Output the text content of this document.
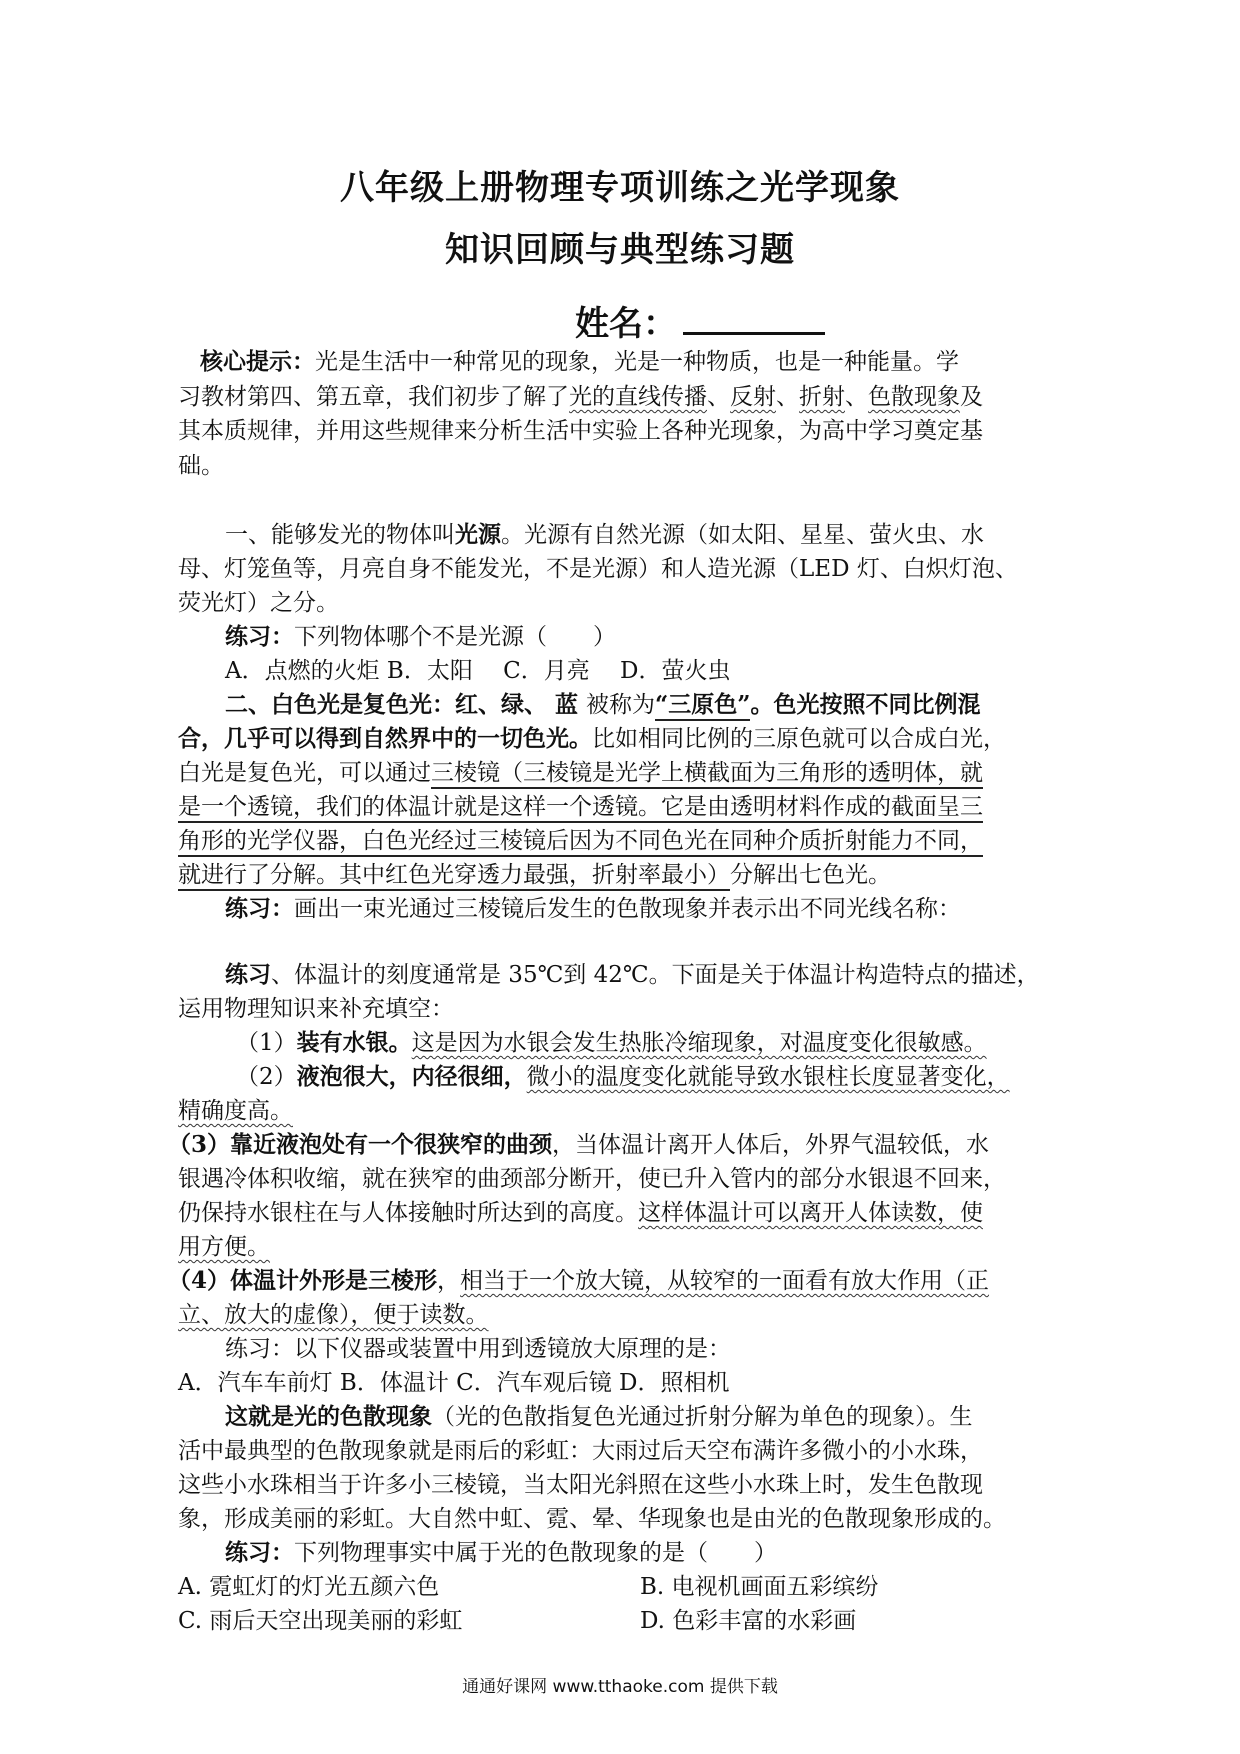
八年级上册物理专项训练之光学现象
知识回顾与典型练习题
姓名：
核心提示：光是生活中一种常见的现象，光是一种物质，也是一种能量。学
习教材第四、第五章，我们初步了解了光的直线传播、反射、折射、色散现象及
其本质规律，并用这些规律来分析生活中实验上各种光现象，为高中学习奠定基
础。
一、能够发光的物体叫光源。光源有自然光源（如太阳、星星、萤火虫、水
母、灯笼鱼等，月亮自身不能发光，不是光源）和人造光源（LED 灯、白炽灯泡、
荧光灯）之分。
练习：下列物体哪个不是光源（　　）
A．点燃的火炬 B．太阳　 C．月亮　 D．萤火虫
二、白色光是复色光：红、绿、 蓝 被称为“三原色”。色光按照不同比例混
合，几乎可以得到自然界中的一切色光。比如相同比例的三原色就可以合成白光，
白光是复色光，可以通过三棱镜（三棱镜是光学上横截面为三角形的透明体，就
是一个透镜，我们的体温计就是这样一个透镜。它是由透明材料作成的截面呈三
角形的光学仪器，白色光经过三棱镜后因为不同色光在同种介质折射能力不同，
就进行了分解。其中红色光穿透力最强，折射率最小）分解出七色光。
练习：画出一束光通过三棱镜后发生的色散现象并表示出不同光线名称：
练习、体温计的刻度通常是 35℃到 42℃。下面是关于体温计构造特点的描述，
运用物理知识来补充填空：
（1）装有水银。这是因为水银会发生热胀冷缩现象，对温度变化很敏感。
（2）液泡很大，内径很细，微小的温度变化就能导致水银柱长度显著变化，
精确度高。
（3）靠近液泡处有一个很狭窄的曲颈，当体温计离开人体后，外界气温较低，水
银遇冷体积收缩，就在狭窄的曲颈部分断开，使已升入管内的部分水银退不回来，
仍保持水银柱在与人体接触时所达到的高度。这样体温计可以离开人体读数，使
用方便。
（4）体温计外形是三棱形，相当于一个放大镜，从较窄的一面看有放大作用（正
立、放大的虚像），便于读数。
练习：以下仪器或装置中用到透镜放大原理的是：
A．汽车车前灯 B．体温计 C．汽车观后镜 D．照相机
这就是光的色散现象（光的色散指复色光通过折射分解为单色的现象）。生
活中最典型的色散现象就是雨后的彩虹：大雨过后天空布满许多微小的小水珠，
这些小水珠相当于许多小三棱镜，当太阳光斜照在这些小水珠上时，发生色散现
象，形成美丽的彩虹。大自然中虹、霓、晕、华现象也是由光的色散现象形成的。
练习：下列物理事实中属于光的色散现象的是（　　）
A. 霓虹灯的灯光五颜六色	B. 电视机画面五彩缤纷
C. 雨后天空出现美丽的彩虹	D. 色彩丰富的水彩画
通通好课网 www.tthaoke.com 提供下载
